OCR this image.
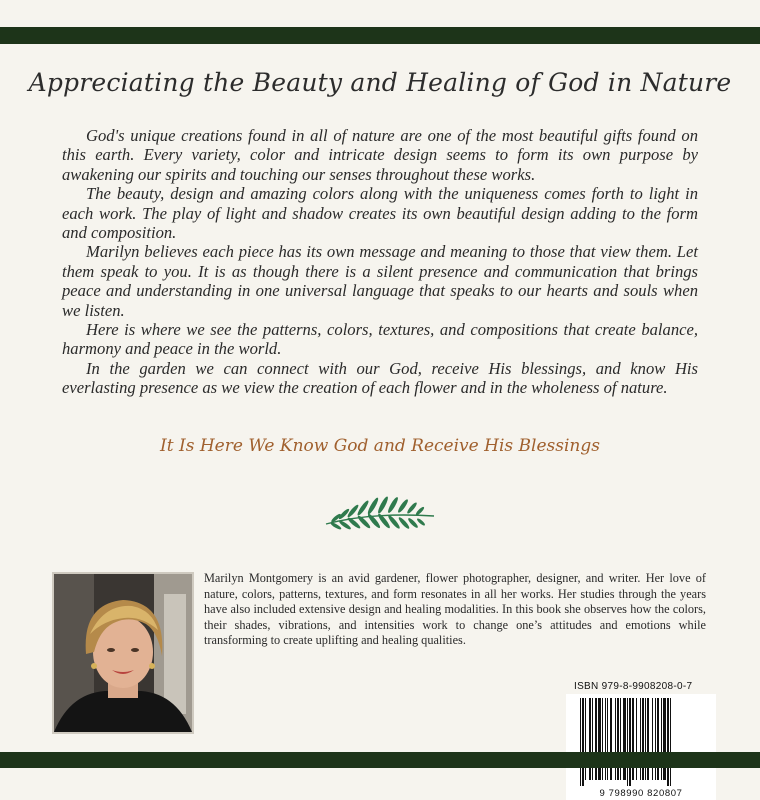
Appreciating the Beauty and Healing of God in Nature

God's unique creations found in all of nature are one of the most beautiful gifts found on this earth. Every variety, color and intricate design seems to form its own purpose by awakening our spirits and touching our senses throughout these works.

The beauty, design and amazing colors along with the uniqueness comes forth to light in each work. The play of light and shadow creates its own beautiful design adding to the form and composition.

Marilyn believes each piece has its own message and meaning to those that view them. Let them speak to you. It is as though there is a silent presence and communication that brings peace and understanding in one universal language that speaks to our hearts and souls when we listen.

Here is where we see the patterns, colors, textures, and compositions that create balance, harmony and peace in the world.

In the garden we can connect with our God, receive His blessings, and know His everlasting presence as we view the creation of each flower and in the wholeness of nature.

It Is Here We Know God and Receive His Blessings

Marilyn Montgomery is an avid gardener, flower photographer, designer, and writer. Her love of nature, colors, patterns, textures, and form resonates in all her works. Her studies through the years have also included extensive design and healing modalities. In this book she observes how the colors, their shades, vibrations, and intensities work to change one’s attitudes and emotions while transforming to create uplifting and healing qualities.

ISBN 979-8-9908208-0-7
9 798990 820807
